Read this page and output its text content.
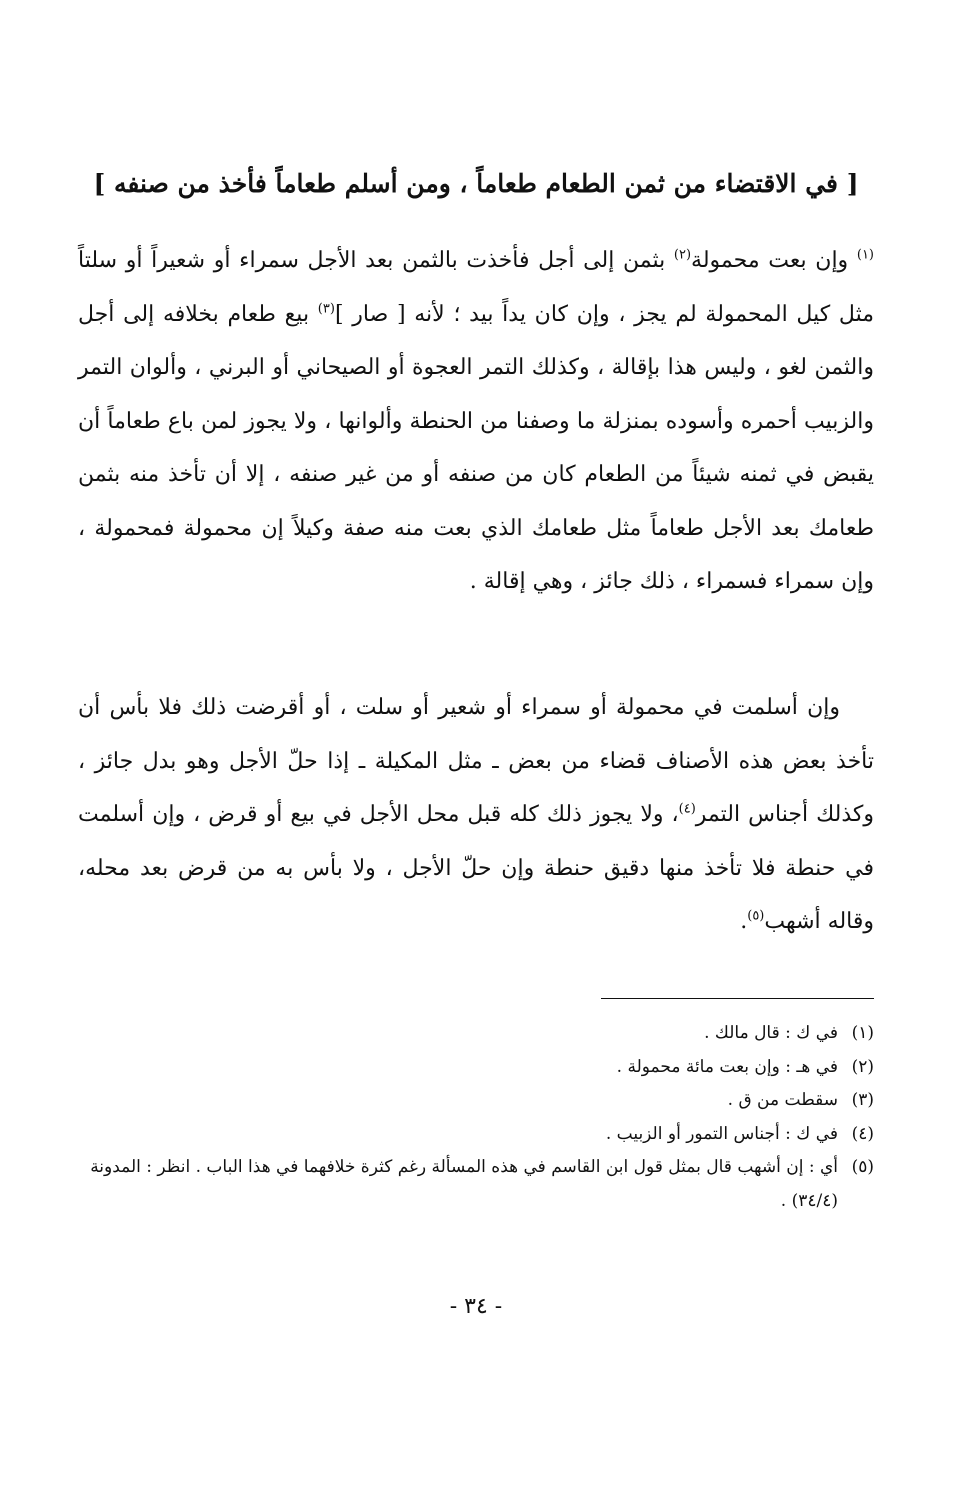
[ في الاقتضاء من ثمن الطعام طعاماً ، ومن أسلم طعاماً فأخذ من صنفه ]

$^{(١)}$ وإن بعت محمولة$^{(٢)}$ بثمن إلى أجل فأخذت بالثمن بعد الأجل سمراء أو شعيراً أو سلتاً مثل كيل المحمولة لم يجز ، وإن كان يداً بيد ؛ لأنه [ صار ]$^{(٣)}$ بيع طعام بخلافه إلى أجل والثمن لغو ، وليس هذا بإقالة ، وكذلك التمر العجوة أو الصيحاني أو البرني ، وألوان التمر والزبيب أحمره وأسوده بمنزلة ما وصفنا من الحنطة وألوانها ، ولا يجوز لمن باع طعاماً أن يقبض في ثمنه شيئاً من الطعام كان من صنفه أو من غير صنفه ، إلا أن تأخذ منه بثمن طعامك بعد الأجل طعاماً مثل طعامك الذي بعت منه صفة وكيلاً إن محمولة فمحمولة ، وإن سمراء فسمراء ، ذلك جائز ، وهي إقالة .

وإن أسلمت في محمولة أو سمراء أو شعير أو سلت ، أو أقرضت ذلك فلا بأس أن تأخذ بعض هذه الأصناف قضاء من بعض ـ مثل المكيلة ـ إذا حلّ الأجل وهو بدل جائز ، وكذلك أجناس التمر$^{(٤)}$، ولا يجوز ذلك كله قبل محل الأجل في بيع أو قرض ، وإن أسلمت في حنطة فلا تأخذ منها دقيق حنطة وإن حلّ الأجل ، ولا بأس به من قرض بعد محله، وقاله أشهب$^{(٥)}$.

(١)
في ك : قال مالك .
(٢)
في هـ : وإن بعت مائة محمولة .
(٣)
سقطت من ق .
(٤)
في ك : أجناس التمور أو الزبيب .
(٥)
أي : إن أشهب قال بمثل قول ابن القاسم في هذه المسألة رغم كثرة خلافهما في هذا الباب . انظر : المدونة (٣٤/٤) .
- ٣٤ -
